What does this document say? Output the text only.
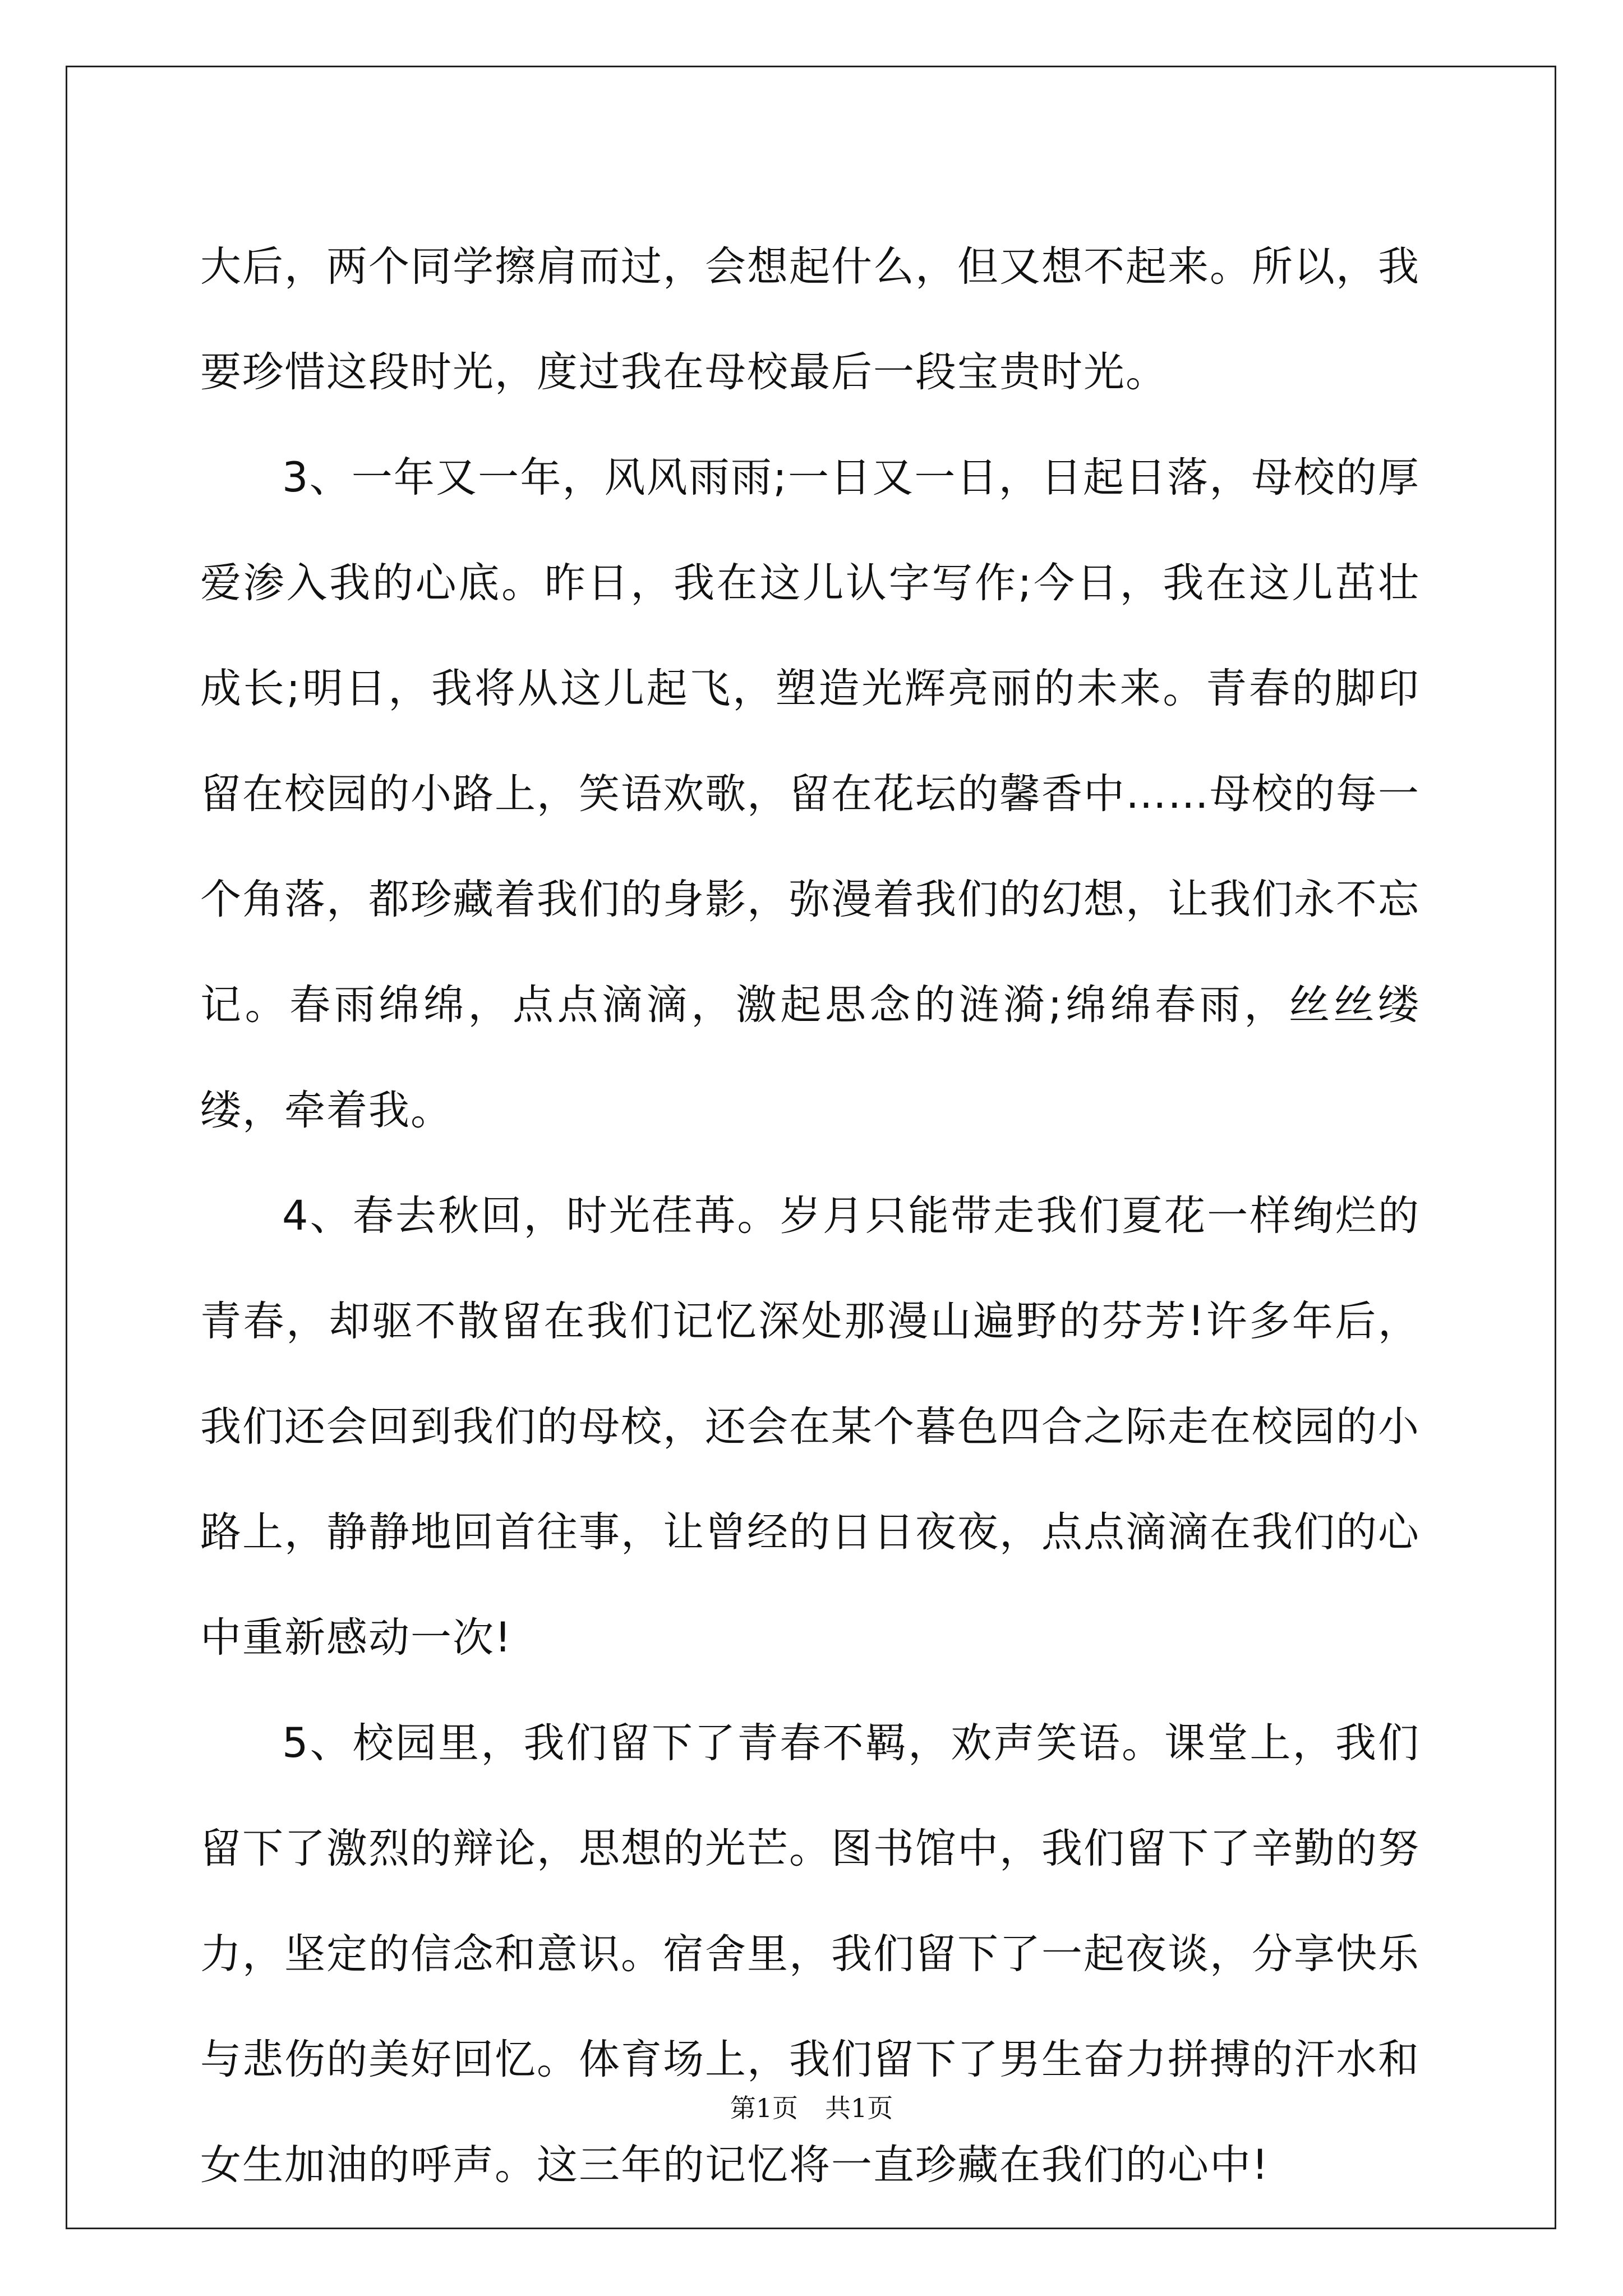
大后，两个同学擦肩而过，会想起什么，但又想不起来。所以，我要珍惜这段时光，度过我在母校最后一段宝贵时光。

3、一年又一年，风风雨雨;一日又一日，日起日落，母校的厚爱渗入我的心底。昨日，我在这儿认字写作;今日，我在这儿茁壮成长;明日，我将从这儿起飞，塑造光辉亮丽的未来。青春的脚印留在校园的小路上，笑语欢歌，留在花坛的馨香中……母校的每一个角落，都珍藏着我们的身影，弥漫着我们的幻想，让我们永不忘记。春雨绵绵，点点滴滴，激起思念的涟漪;绵绵春雨，丝丝缕缕，牵着我。

4、春去秋回，时光荏苒。岁月只能带走我们夏花一样绚烂的青春，却驱不散留在我们记忆深处那漫山遍野的芬芳!许多年后，我们还会回到我们的母校，还会在某个暮色四合之际走在校园的小路上，静静地回首往事，让曾经的日日夜夜，点点滴滴在我们的心中重新感动一次!

5、校园里，我们留下了青春不羁，欢声笑语。课堂上，我们留下了激烈的辩论，思想的光芒。图书馆中，我们留下了辛勤的努力，坚定的信念和意识。宿舍里，我们留下了一起夜谈，分享快乐与悲伤的美好回忆。体育场上，我们留下了男生奋力拼搏的汗水和女生加油的呼声。这三年的记忆将一直珍藏在我们的心中!

第1页 共1页
